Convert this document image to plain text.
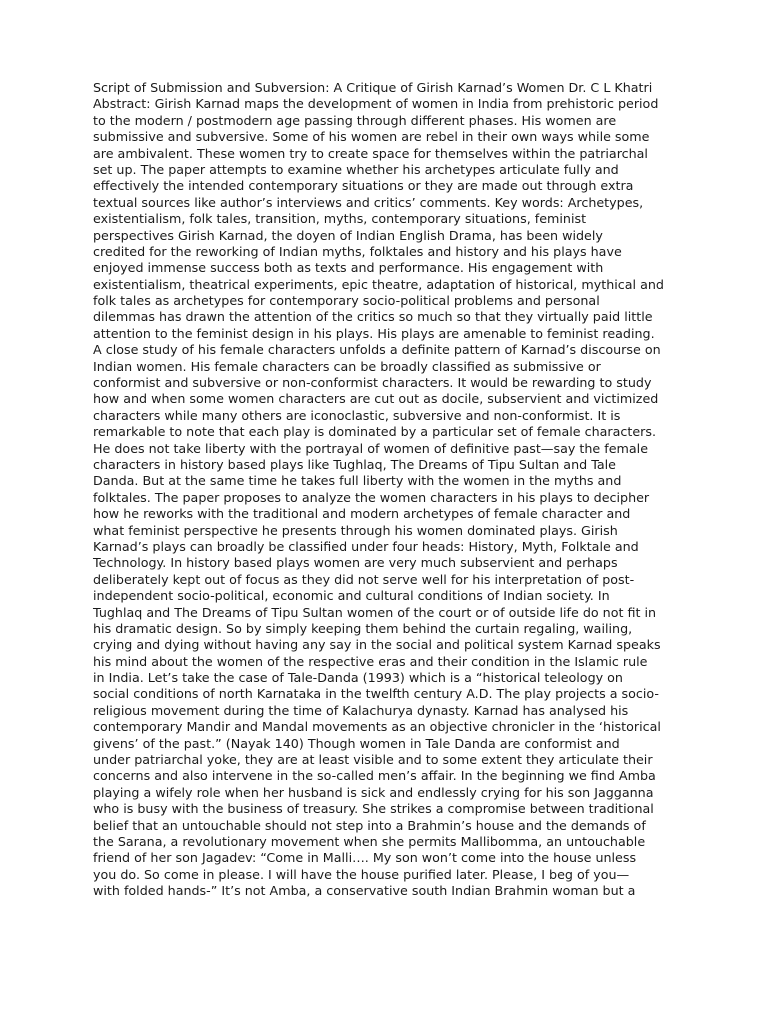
Script of Submission and Subversion: A Critique of Girish Karnad’s Women Dr. C L Khatri
Abstract: Girish Karnad maps the development of women in India from prehistoric period
to the modern / postmodern age passing through different phases. His women are
submissive and subversive. Some of his women are rebel in their own ways while some
are ambivalent. These women try to create space for themselves within the patriarchal
set up. The paper attempts to examine whether his archetypes articulate fully and
effectively the intended contemporary situations or they are made out through extra
textual sources like author’s interviews and critics’ comments. Key words: Archetypes,
existentialism, folk tales, transition, myths, contemporary situations, feminist
perspectives Girish Karnad, the doyen of Indian English Drama, has been widely
credited for the reworking of Indian myths, folktales and history and his plays have
enjoyed immense success both as texts and performance. His engagement with
existentialism, theatrical experiments, epic theatre, adaptation of historical, mythical and
folk tales as archetypes for contemporary socio-political problems and personal
dilemmas has drawn the attention of the critics so much so that they virtually paid little
attention to the feminist design in his plays. His plays are amenable to feminist reading.
A close study of his female characters unfolds a definite pattern of Karnad’s discourse on
Indian women. His female characters can be broadly classified as submissive or
conformist and subversive or non-conformist characters. It would be rewarding to study
how and when some women characters are cut out as docile, subservient and victimized
characters while many others are iconoclastic, subversive and non-conformist. It is
remarkable to note that each play is dominated by a particular set of female characters.
He does not take liberty with the portrayal of women of definitive past—say the female
characters in history based plays like Tughlaq, The Dreams of Tipu Sultan and Tale
Danda. But at the same time he takes full liberty with the women in the myths and
folktales. The paper proposes to analyze the women characters in his plays to decipher
how he reworks with the traditional and modern archetypes of female character and
what feminist perspective he presents through his women dominated plays. Girish
Karnad’s plays can broadly be classified under four heads: History, Myth, Folktale and
Technology. In history based plays women are very much subservient and perhaps
deliberately kept out of focus as they did not serve well for his interpretation of post-
independent socio-political, economic and cultural conditions of Indian society. In
Tughlaq and The Dreams of Tipu Sultan women of the court or of outside life do not fit in
his dramatic design. So by simply keeping them behind the curtain regaling, wailing,
crying and dying without having any say in the social and political system Karnad speaks
his mind about the women of the respective eras and their condition in the Islamic rule
in India. Let’s take the case of Tale-Danda (1993) which is a “historical teleology on
social conditions of north Karnataka in the twelfth century A.D. The play projects a socio-
religious movement during the time of Kalachurya dynasty. Karnad has analysed his
contemporary Mandir and Mandal movements as an objective chronicler in the ‘historical
givens’ of the past.” (Nayak 140) Though women in Tale Danda are conformist and
under patriarchal yoke, they are at least visible and to some extent they articulate their
concerns and also intervene in the so-called men’s affair. In the beginning we find Amba
playing a wifely role when her husband is sick and endlessly crying for his son Jagganna
who is busy with the business of treasury. She strikes a compromise between traditional
belief that an untouchable should not step into a Brahmin’s house and the demands of
the Sarana, a revolutionary movement when she permits Mallibomma, an untouchable
friend of her son Jagadev: “Come in Malli…. My son won’t come into the house unless
you do. So come in please. I will have the house purified later. Please, I beg of you—
with folded hands-” It’s not Amba, a conservative south Indian Brahmin woman but a
